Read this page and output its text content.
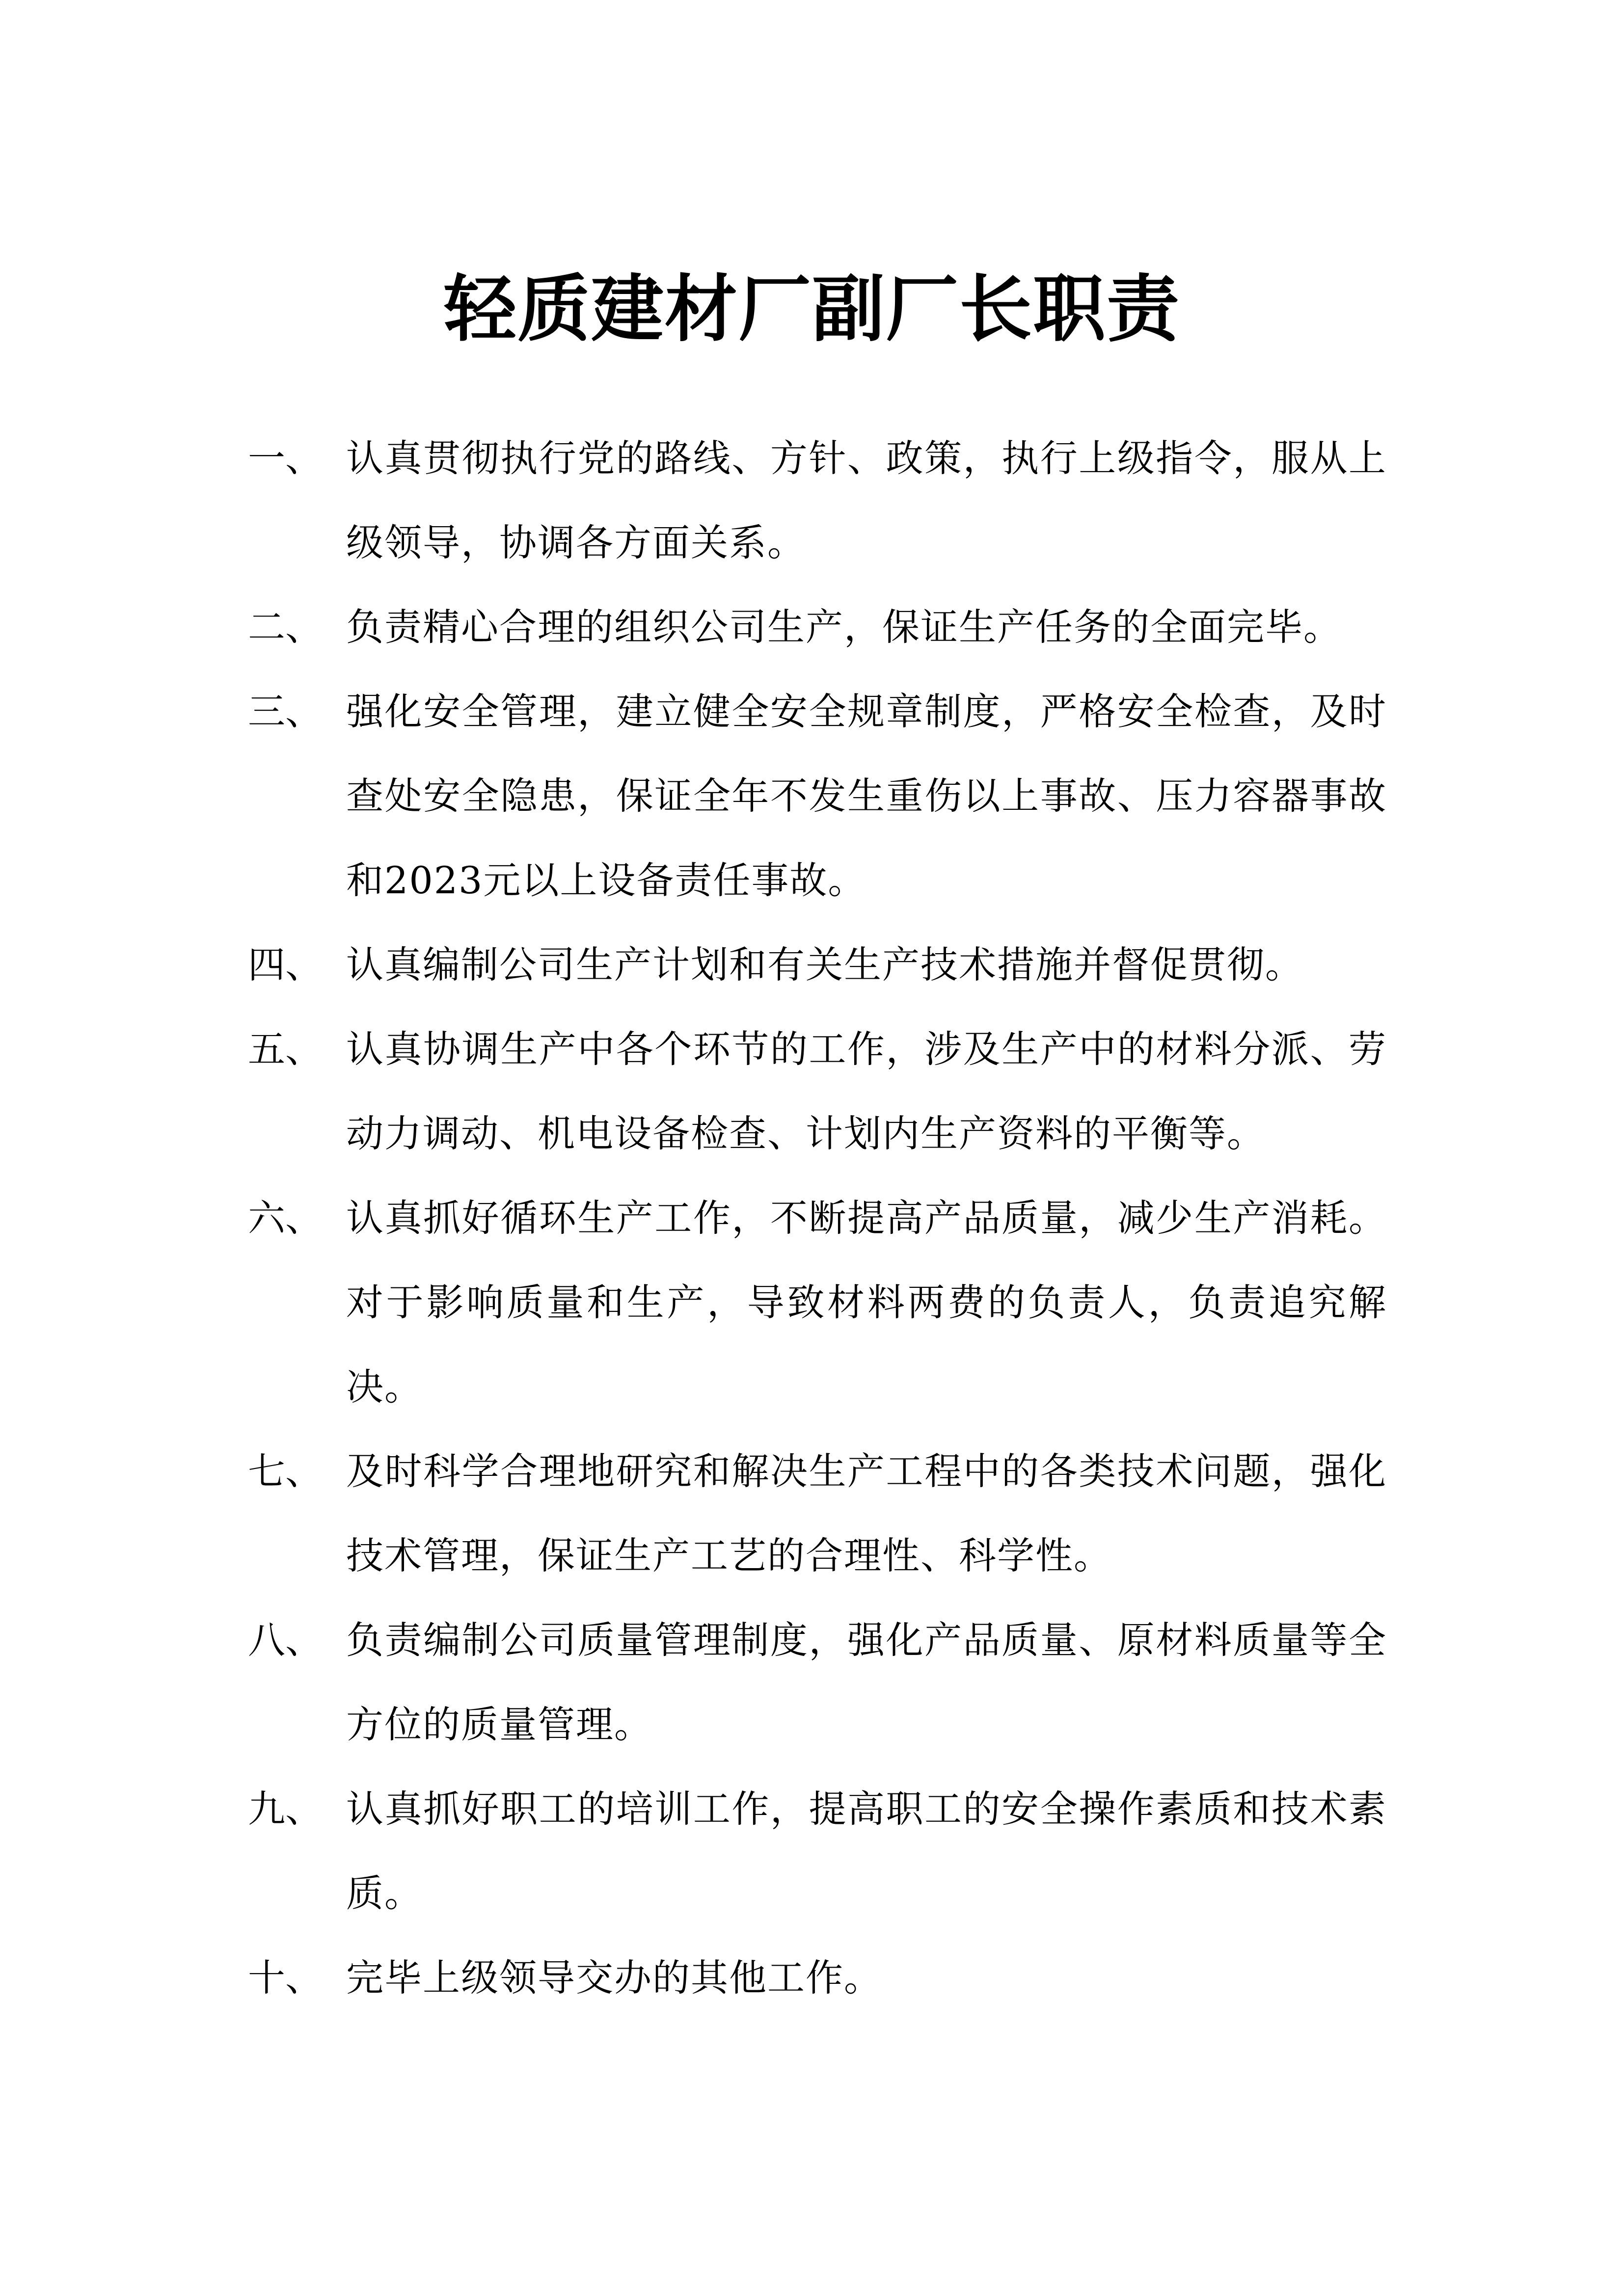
轻质建材厂副厂长职责
一、 认真贯彻执行党的路线、方针、政策，执行上级指令，服从上级领导，协调各方面关系。
二、 负责精心合理的组织公司生产，保证生产任务的全面完毕。
三、 强化安全管理，建立健全安全规章制度，严格安全检查，及时查处安全隐患，保证全年不发生重伤以上事故、压力容器事故和2023元以上设备责任事故。
四、 认真编制公司生产计划和有关生产技术措施并督促贯彻。
五、 认真协调生产中各个环节的工作，涉及生产中的材料分派、劳动力调动、机电设备检查、计划内生产资料的平衡等。
六、 认真抓好循环生产工作，不断提高产品质量，减少生产消耗。对于影响质量和生产，导致材料两费的负责人，负责追究解决。
七、 及时科学合理地研究和解决生产工程中的各类技术问题，强化技术管理，保证生产工艺的合理性、科学性。
八、 负责编制公司质量管理制度，强化产品质量、原材料质量等全方位的质量管理。
九、 认真抓好职工的培训工作，提高职工的安全操作素质和技术素质。
十、 完毕上级领导交办的其他工作。
